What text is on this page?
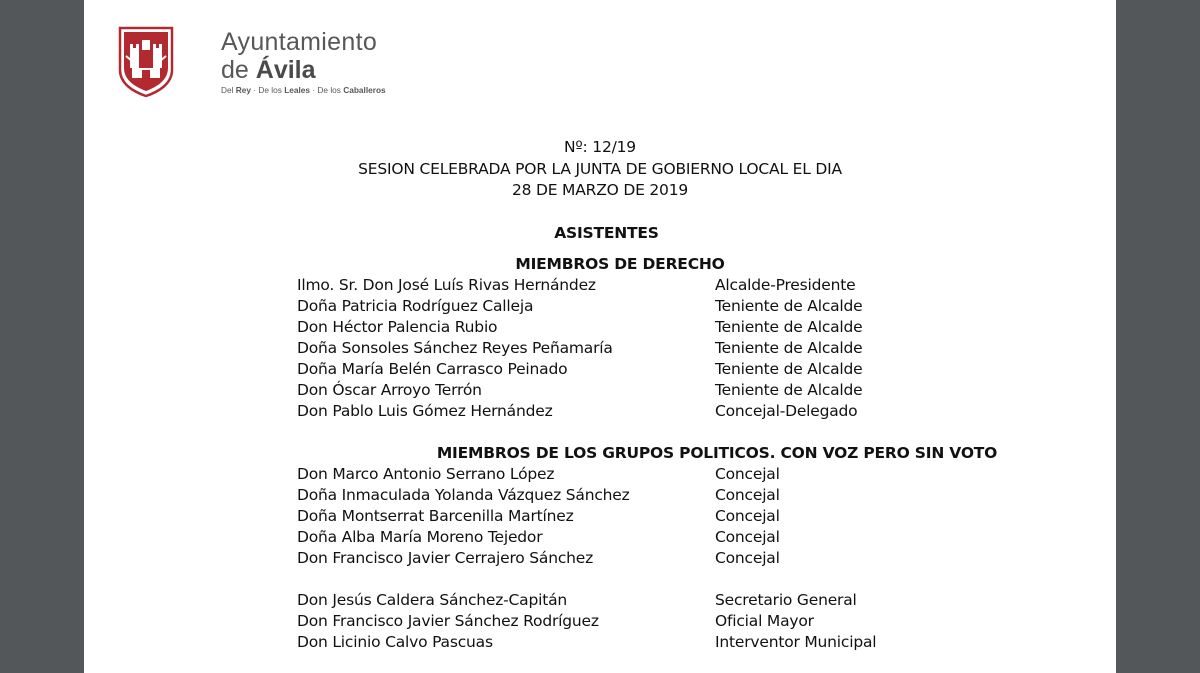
Ayuntamiento
de Ávila
Del Rey · De los Leales · De los Caballeros
Nº: 12/19
SESION CELEBRADA POR LA JUNTA DE GOBIERNO LOCAL EL DIA
28 DE MARZO DE 2019
ASISTENTES
MIEMBROS DE DERECHO
Ilmo. Sr. Don José Luís Rivas Hernández	Alcalde-Presidente
Doña Patricia Rodríguez Calleja	Teniente de Alcalde
Don Héctor Palencia Rubio	Teniente de Alcalde
Doña Sonsoles Sánchez Reyes Peñamaría	Teniente de Alcalde
Doña María Belén Carrasco Peinado	Teniente de Alcalde
Don Óscar Arroyo Terrón	Teniente de Alcalde
Don Pablo Luis Gómez Hernández	Concejal-Delegado
MIEMBROS DE LOS GRUPOS POLITICOS. CON VOZ PERO SIN VOTO
Don Marco Antonio Serrano López	Concejal
Doña Inmaculada Yolanda Vázquez Sánchez	Concejal
Doña Montserrat Barcenilla Martínez	Concejal
Doña Alba María Moreno Tejedor	Concejal
Don Francisco Javier Cerrajero Sánchez	Concejal
Don Jesús Caldera Sánchez-Capitán	Secretario General
Don Francisco Javier Sánchez Rodríguez	Oficial Mayor
Don Licinio Calvo Pascuas	Interventor Municipal
